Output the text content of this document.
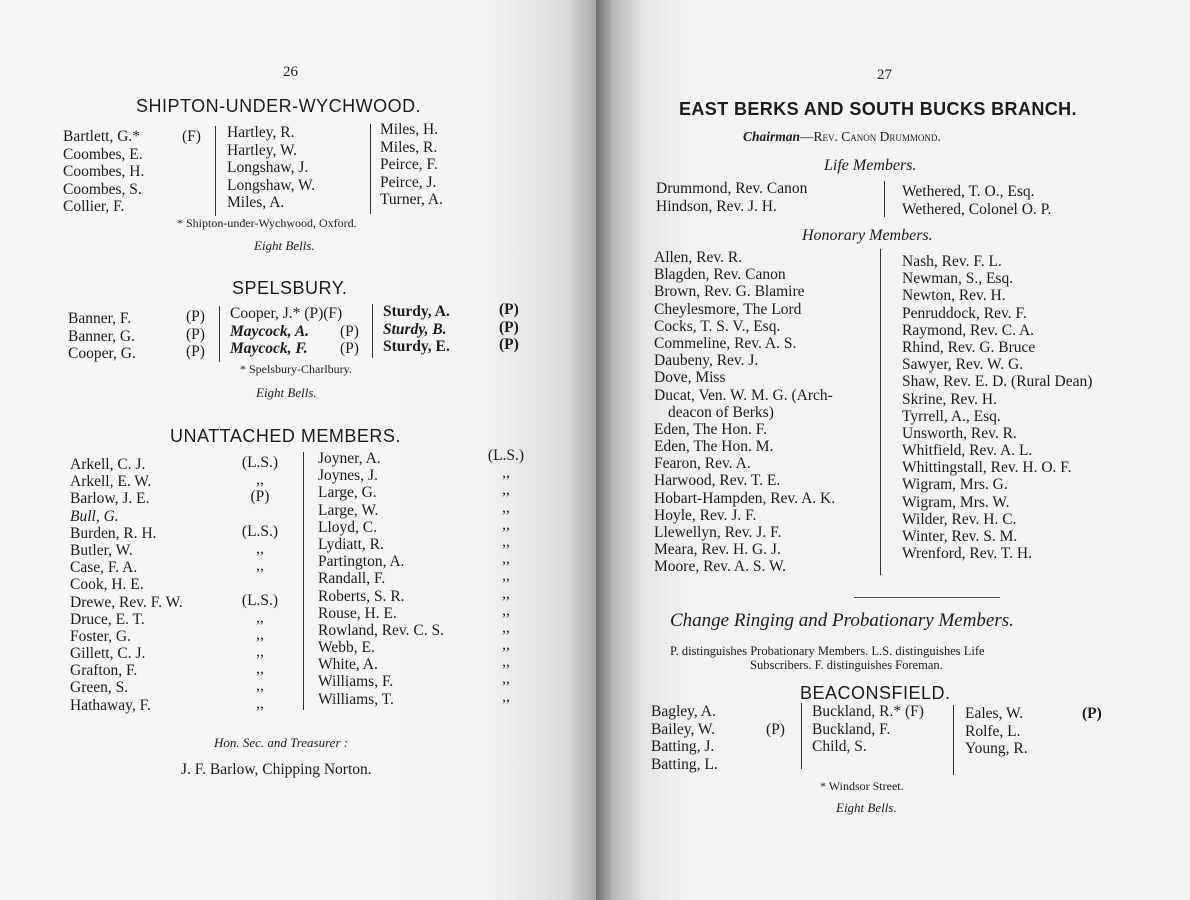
26
SHIPTON-UNDER-WYCHWOOD.
Bartlett, G.*
Coombes, E.
Coombes, H.
Coombes, S.
Collier, F.
(F) Hartley, R.
Hartley, W.
Longshaw, J.
Longshaw, W.
Miles, A.
Miles, H.
Miles, R.
Peirce, F.
Peirce, J.
Turner, A.
* Shipton-under-Wychwood, Oxford.
Eight Bells.
SPELSBURY.
Banner, F.
Banner, G.
Cooper, G.
(P)
(P)
(P)
Cooper, J.* (P)(F)
Maycock, A.
Maycock, F.
(P)
(P)
Sturdy, A.
Sturdy, B.
Sturdy, E.
(P)
(P)
(P)
* Spelsbury-Charlbury.
Eight Bells.
UNATTACHED MEMBERS.
Arkell, C. J.
Arkell, E. W.
Barlow, J. E.
Bull, G.
Burden, R. H.
Butler, W.
Case, F. A.
Cook, H. E.
Drewe, Rev. F. W.
Druce, E. T.
Foster, G.
Gillett, C. J.
Grafton, F.
Green, S.
Hathaway, F.
(L.S.)
,,
(P)
(L.S.)
,,
,,
(L.S.)
,,
,,
,,
,,
,,
,,
Joyner, A.
Joynes, J.
Large, G.
Large, W.
Lloyd, C.
Lydiatt, R.
Partington, A.
Randall, F.
Roberts, S. R.
Rouse, H. E.
Rowland, Rev. C. S.
Webb, E.
White, A.
Williams, F.
Williams, T.
(L.S.)
,,
,,
,,
,,
,,
,,
,,
,,
,,
,,
,,
,,
,,
,,
Hon. Sec. and Treasurer :
J. F. Barlow, Chipping Norton.
27
EAST BERKS AND SOUTH BUCKS BRANCH.
Chairman—Rev. Canon Drummond.
Life Members.
Drummond, Rev. Canon
Hindson, Rev. J. H.
Wethered, T. O., Esq.
Wethered, Colonel O. P.
Honorary Members.
Allen, Rev. R.
Blagden, Rev. Canon
Brown, Rev. G. Blamire
Cheylesmore, The Lord
Cocks, T. S. V., Esq.
Commeline, Rev. A. S.
Daubeny, Rev. J.
Dove, Miss
Ducat, Ven. W. M. G. (Arch-
deacon of Berks)
Eden, The Hon. F.
Eden, The Hon. M.
Fearon, Rev. A.
Harwood, Rev. T. E.
Hobart-Hampden, Rev. A. K.
Hoyle, Rev. J. F.
Llewellyn, Rev. J. F.
Meara, Rev. H. G. J.
Moore, Rev. A. S. W.
Nash, Rev. F. L.
Newman, S., Esq.
Newton, Rev. H.
Penruddock, Rev. F.
Raymond, Rev. C. A.
Rhind, Rev. G. Bruce
Sawyer, Rev. W. G.
Shaw, Rev. E. D. (Rural Dean)
Skrine, Rev. H.
Tyrrell, A., Esq.
Unsworth, Rev. R.
Whitfield, Rev. A. L.
Whittingstall, Rev. H. O. F.
Wigram, Mrs. G.
Wigram, Mrs. W.
Wilder, Rev. H. C.
Winter, Rev. S. M.
Wrenford, Rev. T. H.
Change Ringing and Probationary Members.
P. distinguishes Probationary Members. L.S. distinguishes Life
Subscribers. F. distinguishes Foreman.
BEACONSFIELD.
Bagley, A.
Bailey, W.
Batting, J.
Batting, L.
(P)
Buckland, R.* (F)
Buckland, F.
Child, S.
Eales, W.
Rolfe, L.
Young, R.
(P)
* Windsor Street.
Eight Bells.
